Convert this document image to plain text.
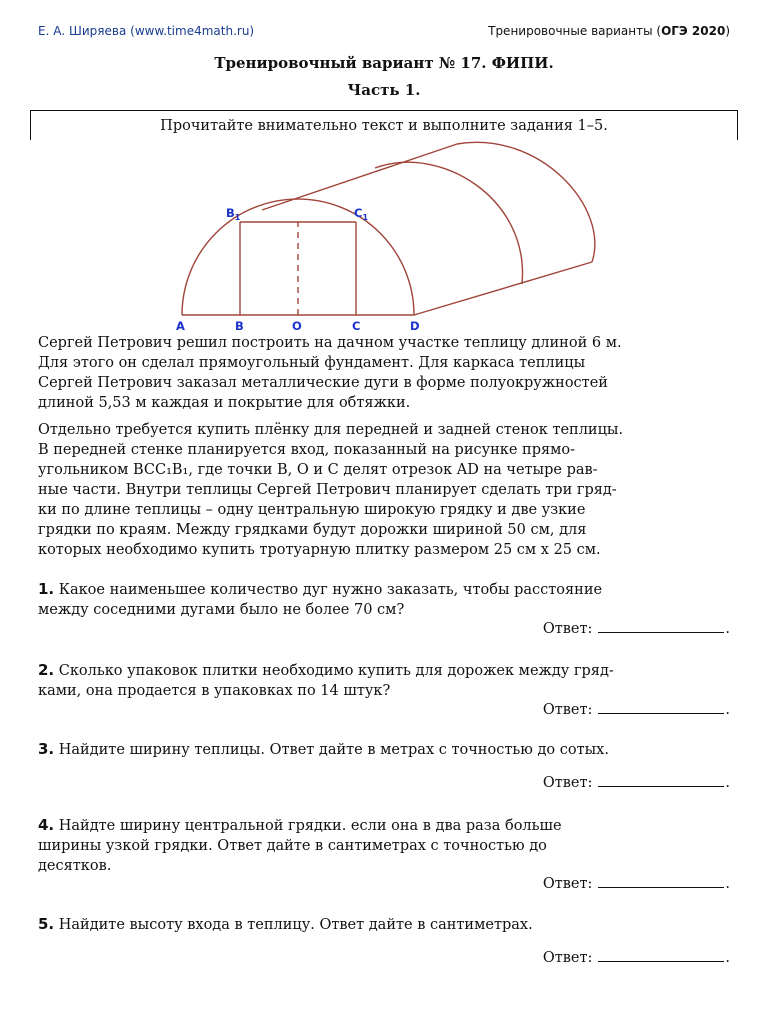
Е. А. Ширяева (www.time4math.ru)	Тренировочные варианты (ОГЭ 2020)
Тренировочный вариант № 17. ФИПИ.
Часть 1.
Прочитайте внимательно текст и выполните задания 1–5.
A	B	O	C	D
$B_1$	$C_1$
Сергей Петрович решил построить на дачном участке теплицу длиной 6 м.
Для этого он сделал прямоугольный фундамент. Для каркаса теплицы
Сергей Петрович заказал металлические дуги в форме полуокружностей
длиной 5,53 м каждая и покрытие для обтяжки.
Отдельно требуется купить плёнку для передней и задней стенок теплицы.
В передней стенке планируется вход, показанный на рисунке прямо-
угольником BCC₁B₁, где точки B, O и C делят отрезок AD на четыре рав-
ные части. Внутри теплицы Сергей Петрович планирует сделать три гряд-
ки по длине теплицы – одну центральную широкую грядку и две узкие
грядки по краям. Между грядками будут дорожки шириной 50 см, для
которых необходимо купить тротуарную плитку размером 25 см х 25 см.
1. Какое наименьшее количество дуг нужно заказать, чтобы расстояние
между соседними дугами было не более 70 см?
Ответ:	.
2. Сколько упаковок плитки необходимо купить для дорожек между гряд-
ками, она продается в упаковках по 14 штук?
Ответ:	.
3. Найдите ширину теплицы. Ответ дайте в метрах с точностью до сотых.
Ответ:	.
4. Найдте ширину центральной грядки. если она в два раза больше
ширины узкой грядки. Ответ дайте в сантиметрах с точностью до
десятков.
Ответ:	.
5. Найдите высоту входа в теплицу. Ответ дайте в сантиметрах.
Ответ:	.
